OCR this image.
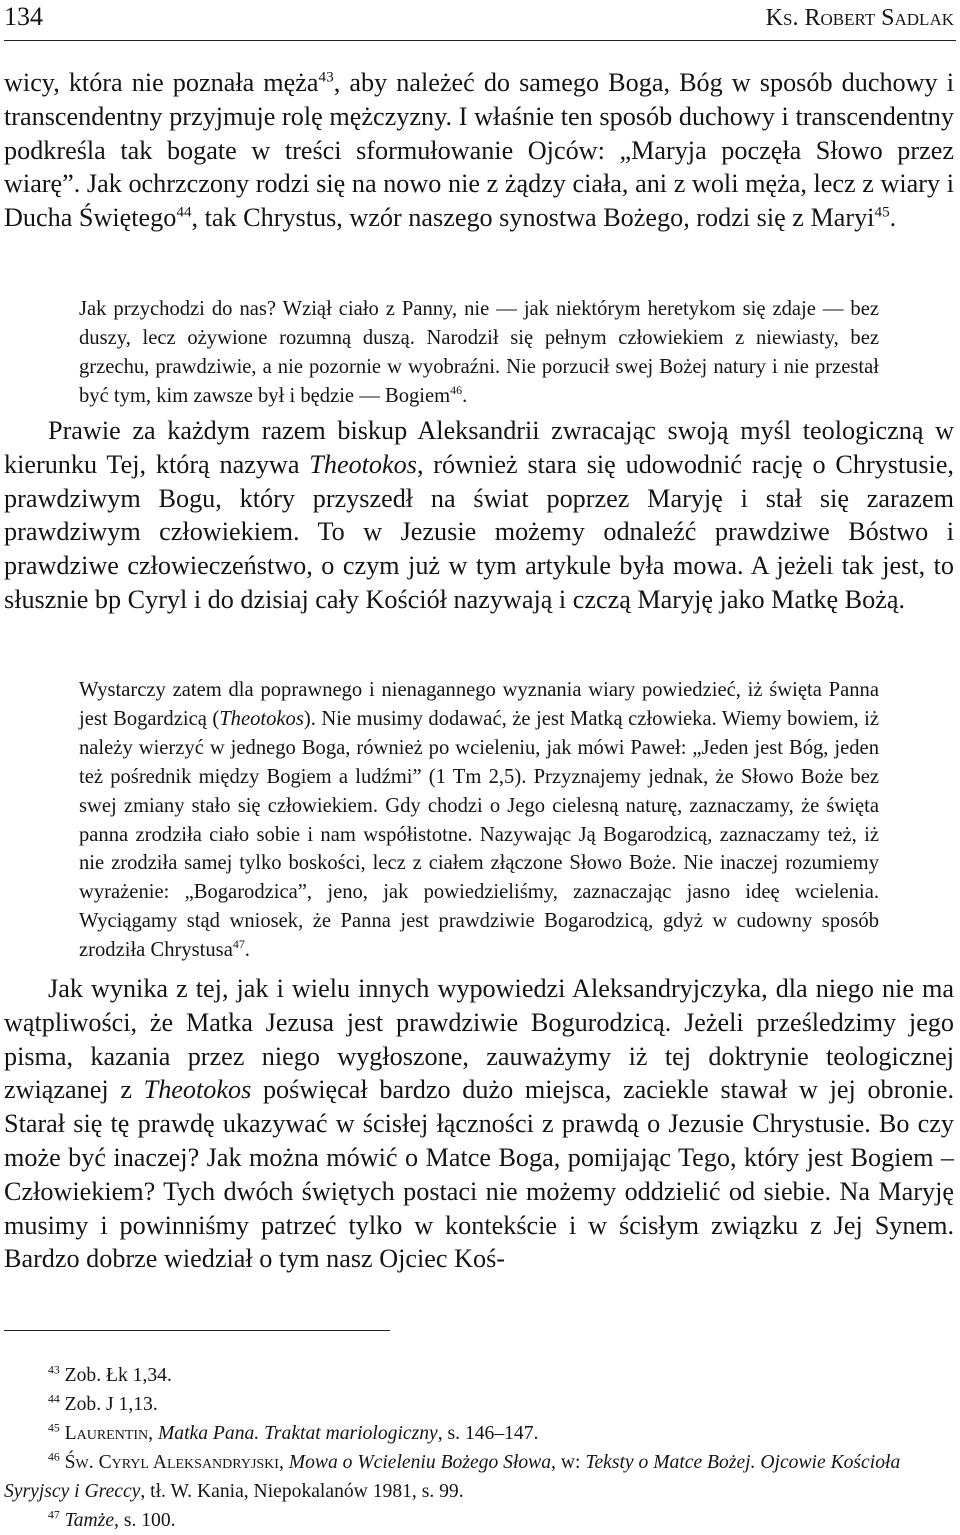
134	Ks. Robert Sadlak

wicy, która nie poznała męża$^{43}$, aby należeć do samego Boga, Bóg w sposób duchowy i transcendentny przyjmuje rolę mężczyzny. I właśnie ten sposób duchowy i transcendentny podkreśla tak bogate w treści sformułowanie Ojców: „Maryja poczęła Słowo przez wiarę”. Jak ochrzczony rodzi się na nowo nie z żądzy ciała, ani z woli męża, lecz z wiary i Ducha Świętego$^{44}$, tak Chrystus, wzór naszego synostwa Bożego, rodzi się z Maryi$^{45}$.

Jak przychodzi do nas? Wziął ciało z Panny, nie — jak niektórym heretykom się zdaje — bez duszy, lecz ożywione rozumną duszą. Narodził się pełnym człowiekiem z niewiasty, bez grzechu, prawdziwie, a nie pozornie w wyobraźni. Nie porzucił swej Bożej natury i nie przestał być tym, kim zawsze był i będzie — Bogiem$^{46}$.

Prawie za każdym razem biskup Aleksandrii zwracając swoją myśl teologiczną w kierunku Tej, którą nazywa Theotokos, również stara się udowodnić rację o Chrystusie, prawdziwym Bogu, który przyszedł na świat poprzez Maryję i stał się zarazem prawdziwym człowiekiem. To w Jezusie możemy odnaleźć prawdziwe Bóstwo i prawdziwe człowieczeństwo, o czym już w tym artykule była mowa. A jeżeli tak jest, to słusznie bp Cyryl i do dzisiaj cały Kościół nazywają i czczą Maryję jako Matkę Bożą.

Wystarczy zatem dla poprawnego i nienagannego wyznania wiary powiedzieć, iż święta Panna jest Bogardzicą (Theotokos). Nie musimy dodawać, że jest Matką człowieka. Wiemy bowiem, iż należy wierzyć w jednego Boga, również po wcieleniu, jak mówi Paweł: „Jeden jest Bóg, jeden też pośrednik między Bogiem a ludźmi” (1 Tm 2,5). Przyznajemy jednak, że Słowo Boże bez swej zmiany stało się człowiekiem. Gdy chodzi o Jego cielesną naturę, zaznaczamy, że święta panna zrodziła ciało sobie i nam współistotne. Nazywając Ją Bogarodzicą, zaznaczamy też, iż nie zrodziła samej tylko boskości, lecz z ciałem złączone Słowo Boże. Nie inaczej rozumiemy wyrażenie: „Bogarodzica”, jeno, jak powiedzieliśmy, zaznaczając jasno ideę wcielenia. Wyciągamy stąd wniosek, że Panna jest prawdziwie Bogarodzicą, gdyż w cudowny sposób zrodziła Chrystusa$^{47}$.

Jak wynika z tej, jak i wielu innych wypowiedzi Aleksandryjczyka, dla niego nie ma wątpliwości, że Matka Jezusa jest prawdziwie Bogurodzicą. Jeżeli prześledzimy jego pisma, kazania przez niego wygłoszone, zauważymy iż tej doktrynie teologicznej związanej z Theotokos poświęcał bardzo dużo miejsca, zaciekle stawał w jej obronie. Starał się tę prawdę ukazywać w ścisłej łączności z prawdą o Jezusie Chrystusie. Bo czy może być inaczej? Jak można mówić o Matce Boga, pomijając Tego, który jest Bogiem – Człowiekiem? Tych dwóch świętych postaci nie możemy oddzielić od siebie. Na Maryję musimy i powinniśmy patrzeć tylko w kontekście i w ścisłym związku z Jej Synem. Bardzo dobrze wiedział o tym nasz Ojciec Koś-

$^{43}$ Zob. Łk 1,34.

$^{44}$ Zob. J 1,13.

$^{45}$ Laurentin, Matka Pana. Traktat mariologiczny, s. 146–147.

$^{46}$ Św. Cyryl Aleksandryjski, Mowa o Wcieleniu Bożego Słowa, w: Teksty o Matce Bożej. Ojcowie Kościoła Syryjscy i Greccy, tł. W. Kania, Niepokalanów 1981, s. 99.

$^{47}$ Tamże, s. 100.
